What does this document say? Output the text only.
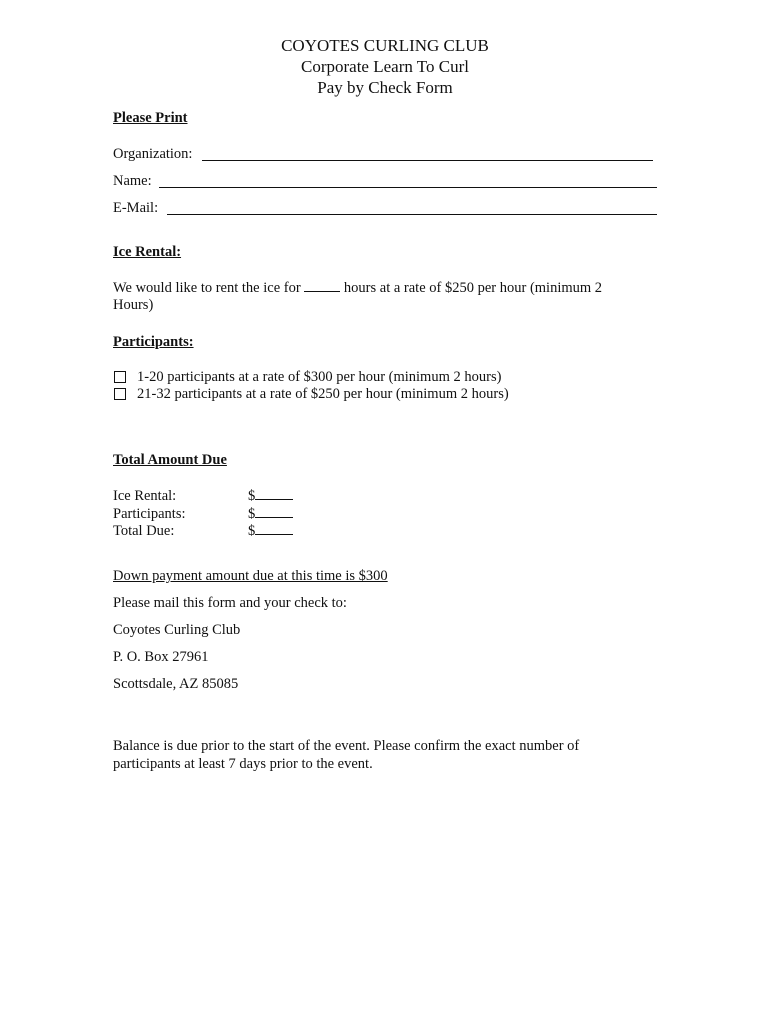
COYOTES CURLING CLUB
Corporate Learn To Curl
Pay by Check Form
Please Print
Organization:
Name:
E-Mail:
Ice Rental:
We would like to rent the ice for	hours at a rate of $250 per hour (minimum 2
Hours)
Participants:
1-20 participants at a rate of $300 per hour (minimum 2 hours)
21-32 participants at a rate of $250 per hour (minimum 2 hours)
Total Amount Due
Ice Rental:	$
Participants:	$
Total Due:	$
Down payment amount due at this time is $300
Please mail this form and your check to:
Coyotes Curling Club
P. O. Box 27961
Scottsdale, AZ 85085
Balance is due prior to the start of the event. Please confirm the exact number of
participants at least 7 days prior to the event.
